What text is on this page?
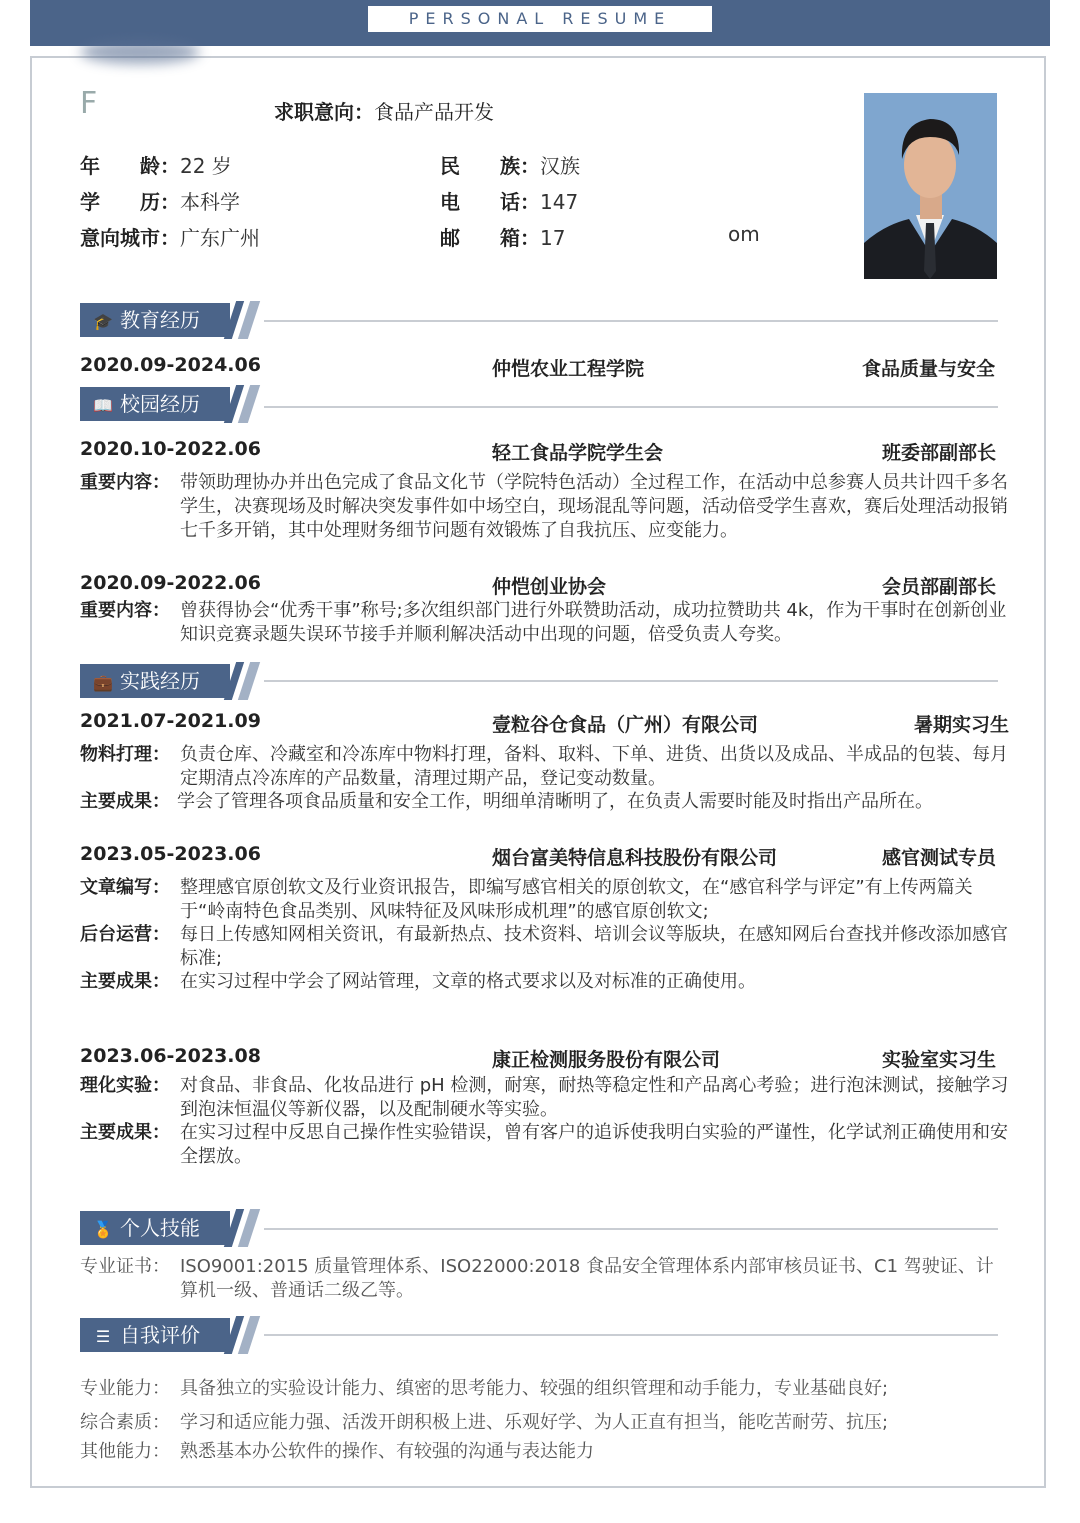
PERSONAL RESUME
F	求职意向：食品产品开发
年　　龄：22 岁	民　　族：汉族
学　　历：本科学	电　　话：147
意向城市：广东广州	邮　　箱：17	om
🎓 教育经历
2020.09-2024.06	仲恺农业工程学院	食品质量与安全
📖 校园经历
2020.10-2022.06	轻工食品学院学生会	班委部副部长
重要内容： 带领助理协办并出色完成了食品文化节（学院特色活动）全过程工作，在活动中总参赛人员共计四千多名学生，决赛现场及时解决突发事件如中场空白，现场混乱等问题，活动倍受学生喜欢，赛后处理活动报销七千多开销，其中处理财务细节问题有效锻炼了自我抗压、应变能力。
2020.09-2022.06	仲恺创业协会	会员部副部长
重要内容： 曾获得协会“优秀干事”称号;多次组织部门进行外联赞助活动，成功拉赞助共 4k，作为干事时在创新创业知识竞赛录题失误环节接手并顺利解决活动中出现的问题，倍受负责人夸奖。
💼 实践经历
2021.07-2021.09	壹粒谷仓食品（广州）有限公司	暑期实习生
物料打理： 负责仓库、冷藏室和冷冻库中物料打理，备料、取料、下单、进货、出货以及成品、半成品的包装、每月定期清点冷冻库的产品数量，清理过期产品，登记变动数量。
主要成果： 学会了管理各项食品质量和安全工作，明细单清晰明了，在负责人需要时能及时指出产品所在。
2023.05-2023.06	烟台富美特信息科技股份有限公司	感官测试专员
文章编写： 整理感官原创软文及行业资讯报告，即编写感官相关的原创软文，在“感官科学与评定”有上传两篇关于“岭南特色食品类别、风味特征及风味形成机理”的感官原创软文;
后台运营： 每日上传感知网相关资讯，有最新热点、技术资料、培训会议等版块，在感知网后台查找并修改添加感官标准;
主要成果： 在实习过程中学会了网站管理，文章的格式要求以及对标准的正确使用。
2023.06-2023.08	康正检测服务股份有限公司	实验室实习生
理化实验： 对食品、非食品、化妆品进行 pH 检测，耐寒，耐热等稳定性和产品离心考验；进行泡沫测试，接触学习到泡沫恒温仪等新仪器，以及配制硬水等实验。
主要成果： 在实习过程中反思自己操作性实验错误，曾有客户的追诉使我明白实验的严谨性，化学试剂正确使用和安全摆放。
🏅 个人技能
专业证书： ISO9001:2015 质量管理体系、ISO22000:2018 食品安全管理体系内部审核员证书、C1 驾驶证、计算机一级、普通话二级乙等。
☰ 自我评价
专业能力： 具备独立的实验设计能力、缜密的思考能力、较强的组织管理和动手能力，专业基础良好;
综合素质： 学习和适应能力强、活泼开朗积极上进、乐观好学、为人正直有担当，能吃苦耐劳、抗压;
其他能力： 熟悉基本办公软件的操作、有较强的沟通与表达能力
